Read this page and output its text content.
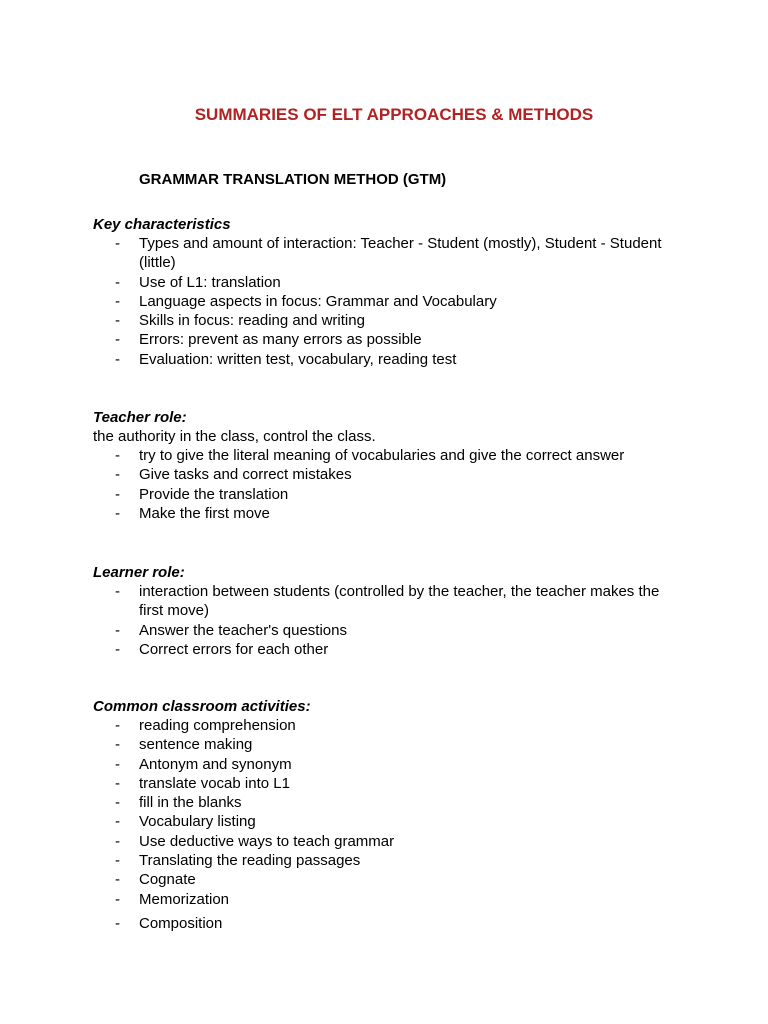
SUMMARIES OF ELT APPROACHES & METHODS
GRAMMAR TRANSLATION METHOD (GTM)

Key characteristics

- Types and amount of interaction: Teacher - Student (mostly), Student - Student (little)
- Use of L1: translation
- Language aspects in focus: Grammar and Vocabulary
- Skills in focus: reading and writing
- Errors: prevent as many errors as possible
- Evaluation: written test, vocabulary, reading test

Teacher role:

the authority in the class, control the class.

- try to give the literal meaning of vocabularies and give the correct answer
- Give tasks and correct mistakes
- Provide the translation
- Make the first move

Learner role:

- interaction between students (controlled by the teacher, the teacher makes the first move)
- Answer the teacher's questions
- Correct errors for each other

Common classroom activities:

- reading comprehension
- sentence making
- Antonym and synonym
- translate vocab into L1
- fill in the blanks
- Vocabulary listing
- Use deductive ways to teach grammar
- Translating the reading passages
- Cognate
- Memorization
- Composition
